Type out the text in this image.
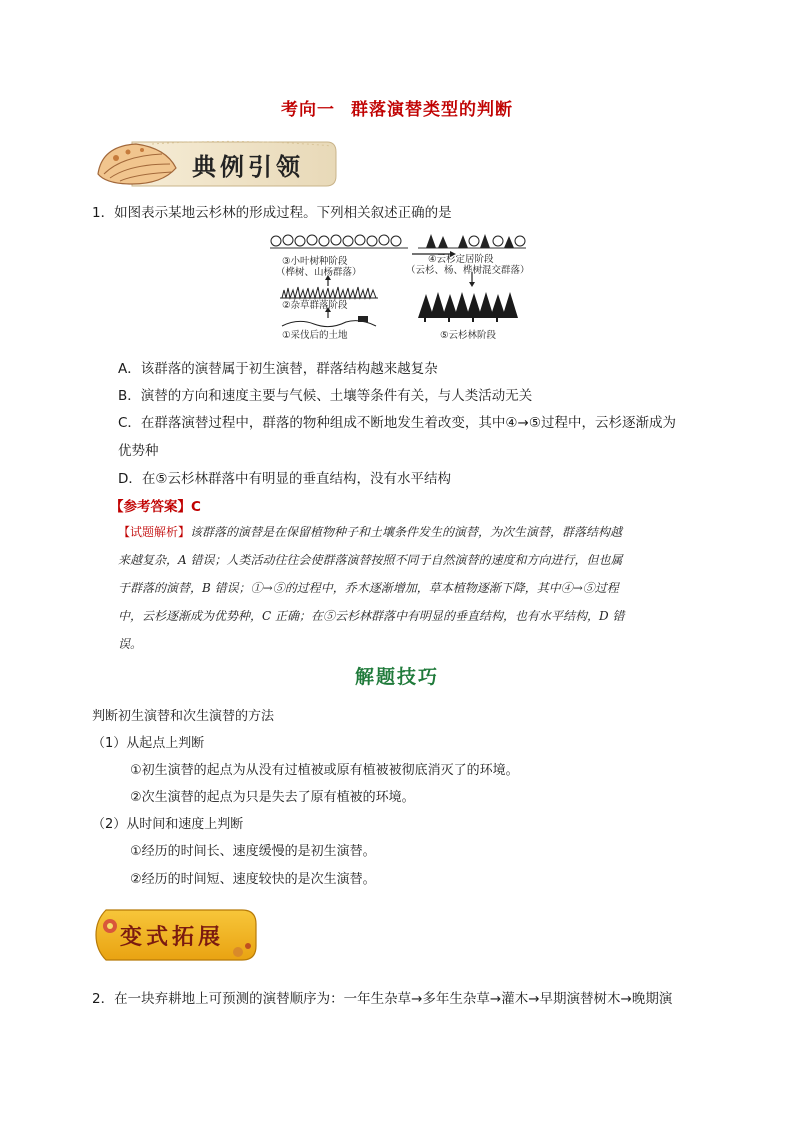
考向一 群落演替类型的判断
典例引领
1．如图表示某地云杉林的形成过程。下列相关叙述正确的是
③小叶树种阶段
（桦树、山杨群落）
②杂草群落阶段
①采伐后的土地
④云杉定居阶段
（云杉、杨、桦树混交群落）
⑤云杉林阶段
A．该群落的演替属于初生演替，群落结构越来越复杂
B．演替的方向和速度主要与气候、土壤等条件有关，与人类活动无关
C．在群落演替过程中，群落的物种组成不断地发生着改变，其中④→⑤过程中，云杉逐渐成为
优势种
D．在⑤云杉林群落中有明显的垂直结构，没有水平结构
【参考答案】C
【试题解析】该群落的演替是在保留植物种子和土壤条件发生的演替，为次生演替，群落结构越
来越复杂，A 错误；人类活动往往会使群落演替按照不同于自然演替的速度和方向进行，但也属
于群落的演替，B 错误；①→⑤的过程中，乔木逐渐增加，草本植物逐渐下降，其中④→⑤过程
中，云杉逐渐成为优势种，C 正确；在⑤云杉林群落中有明显的垂直结构，也有水平结构，D 错
误。
解题技巧
判断初生演替和次生演替的方法
（1）从起点上判断
①初生演替的起点为从没有过植被或原有植被被彻底消灭了的环境。
②次生演替的起点为只是失去了原有植被的环境。
（2）从时间和速度上判断
①经历的时间长、速度缓慢的是初生演替。
②经历的时间短、速度较快的是次生演替。
变式拓展
2．在一块弃耕地上可预测的演替顺序为：一年生杂草→多年生杂草→灌木→早期演替树木→晚期演
